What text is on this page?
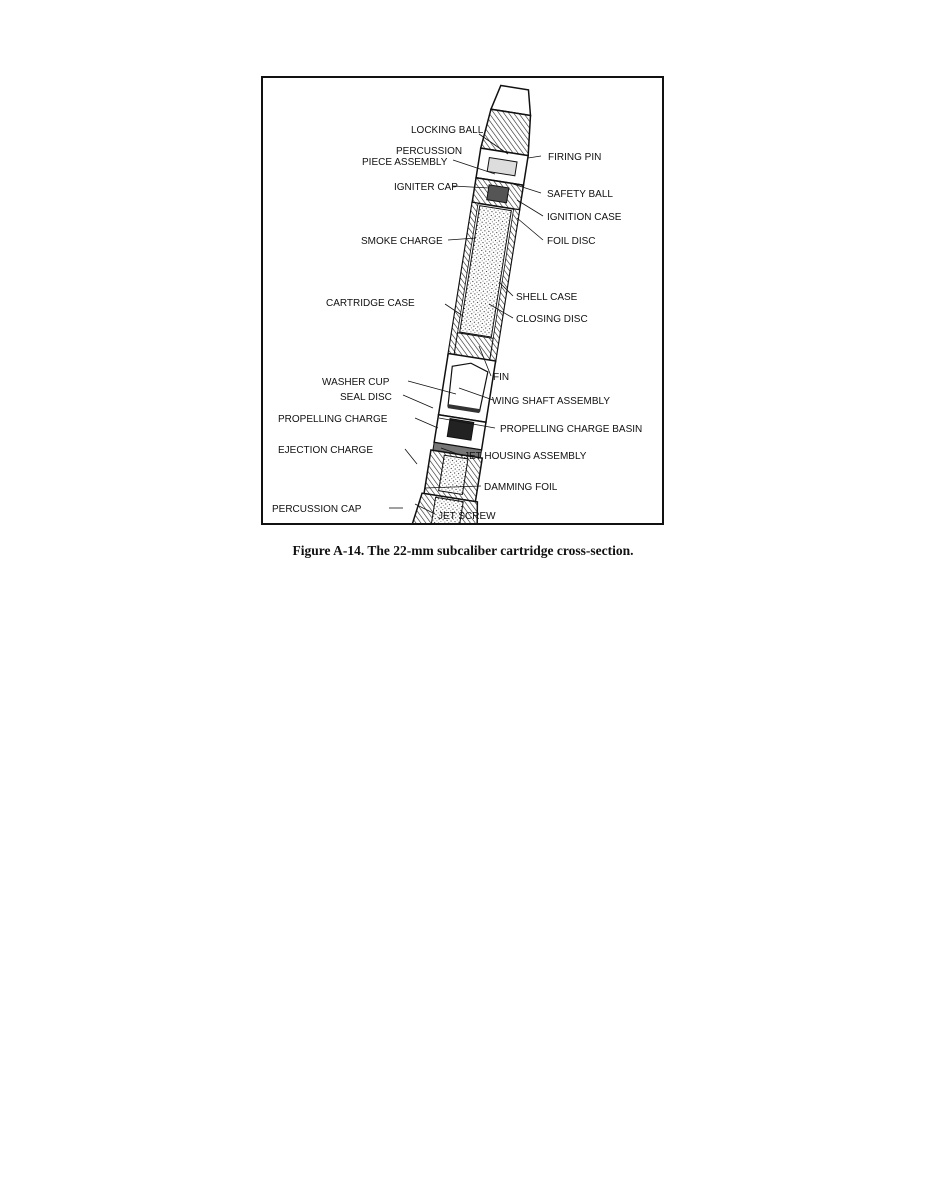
LOCKING BALL
PERCUSSION
PIECE ASSEMBLY
IGNITER CAP
SMOKE CHARGE
CARTRIDGE CASE
WASHER CUP
SEAL DISC
PROPELLING CHARGE
EJECTION CHARGE
PERCUSSION CAP
FIRING PIN
SAFETY BALL
IGNITION CASE
FOIL DISC
SHELL CASE
CLOSING DISC
FIN
WING SHAFT ASSEMBLY
PROPELLING CHARGE BASIN
JET HOUSING ASSEMBLY
DAMMING FOIL
JET SCREW
Figure A-14. The 22-mm subcaliber cartridge cross-section.
